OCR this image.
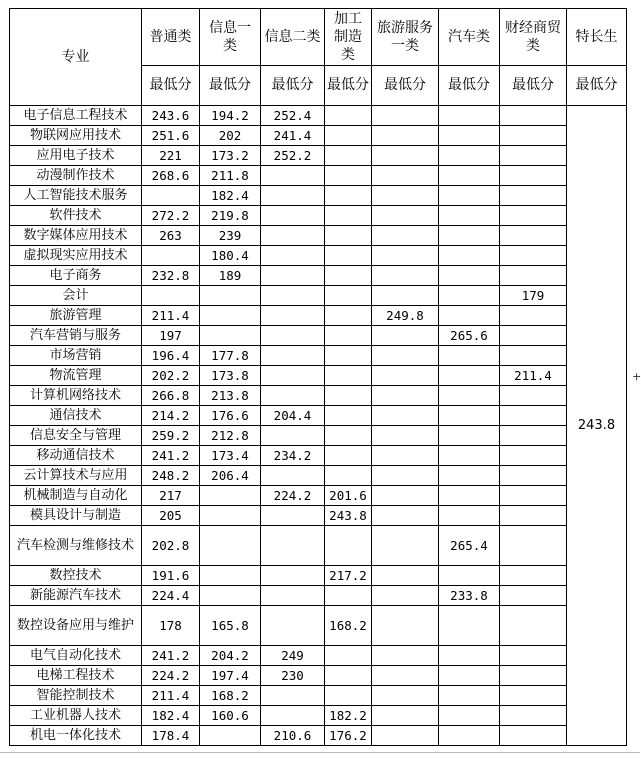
专业	普通类	信息一类	信息二类	加工制造类	旅游服务一类	汽车类	财经商贸类	特长生
	最低分	最低分	最低分	最低分	最低分	最低分	最低分	最低分
电子信息工程技术	243.6	194.2	252.4					243.8
物联网应用技术	251.6	202	241.4					
应用电子技术	221	173.2	252.2					
动漫制作技术	268.6	211.8						
人工智能技术服务		182.4						
软件技术	272.2	219.8						
数字媒体应用技术	263	239						
虚拟现实应用技术		180.4						
电子商务	232.8	189						
会计							179	
旅游管理	211.4				249.8			
汽车营销与服务	197					265.6		
市场营销	196.4	177.8						
物流管理	202.2	173.8					211.4	
计算机网络技术	266.8	213.8						
通信技术	214.2	176.6	204.4					
信息安全与管理	259.2	212.8						
移动通信技术	241.2	173.4	234.2					
云计算技术与应用	248.2	206.4						
机械制造与自动化	217		224.2	201.6				
模具设计与制造	205			243.8				
汽车检测与维修技术	202.8					265.4		
数控技术	191.6			217.2				
新能源汽车技术	224.4					233.8		
数控设备应用与维护	178	165.8		168.2				
电气自动化技术	241.2	204.2	249					
电梯工程技术	224.2	197.4	230					
智能控制技术	211.4	168.2						
工业机器人技术	182.4	160.6		182.2				
机电一体化技术	178.4		210.6	176.2				
+
